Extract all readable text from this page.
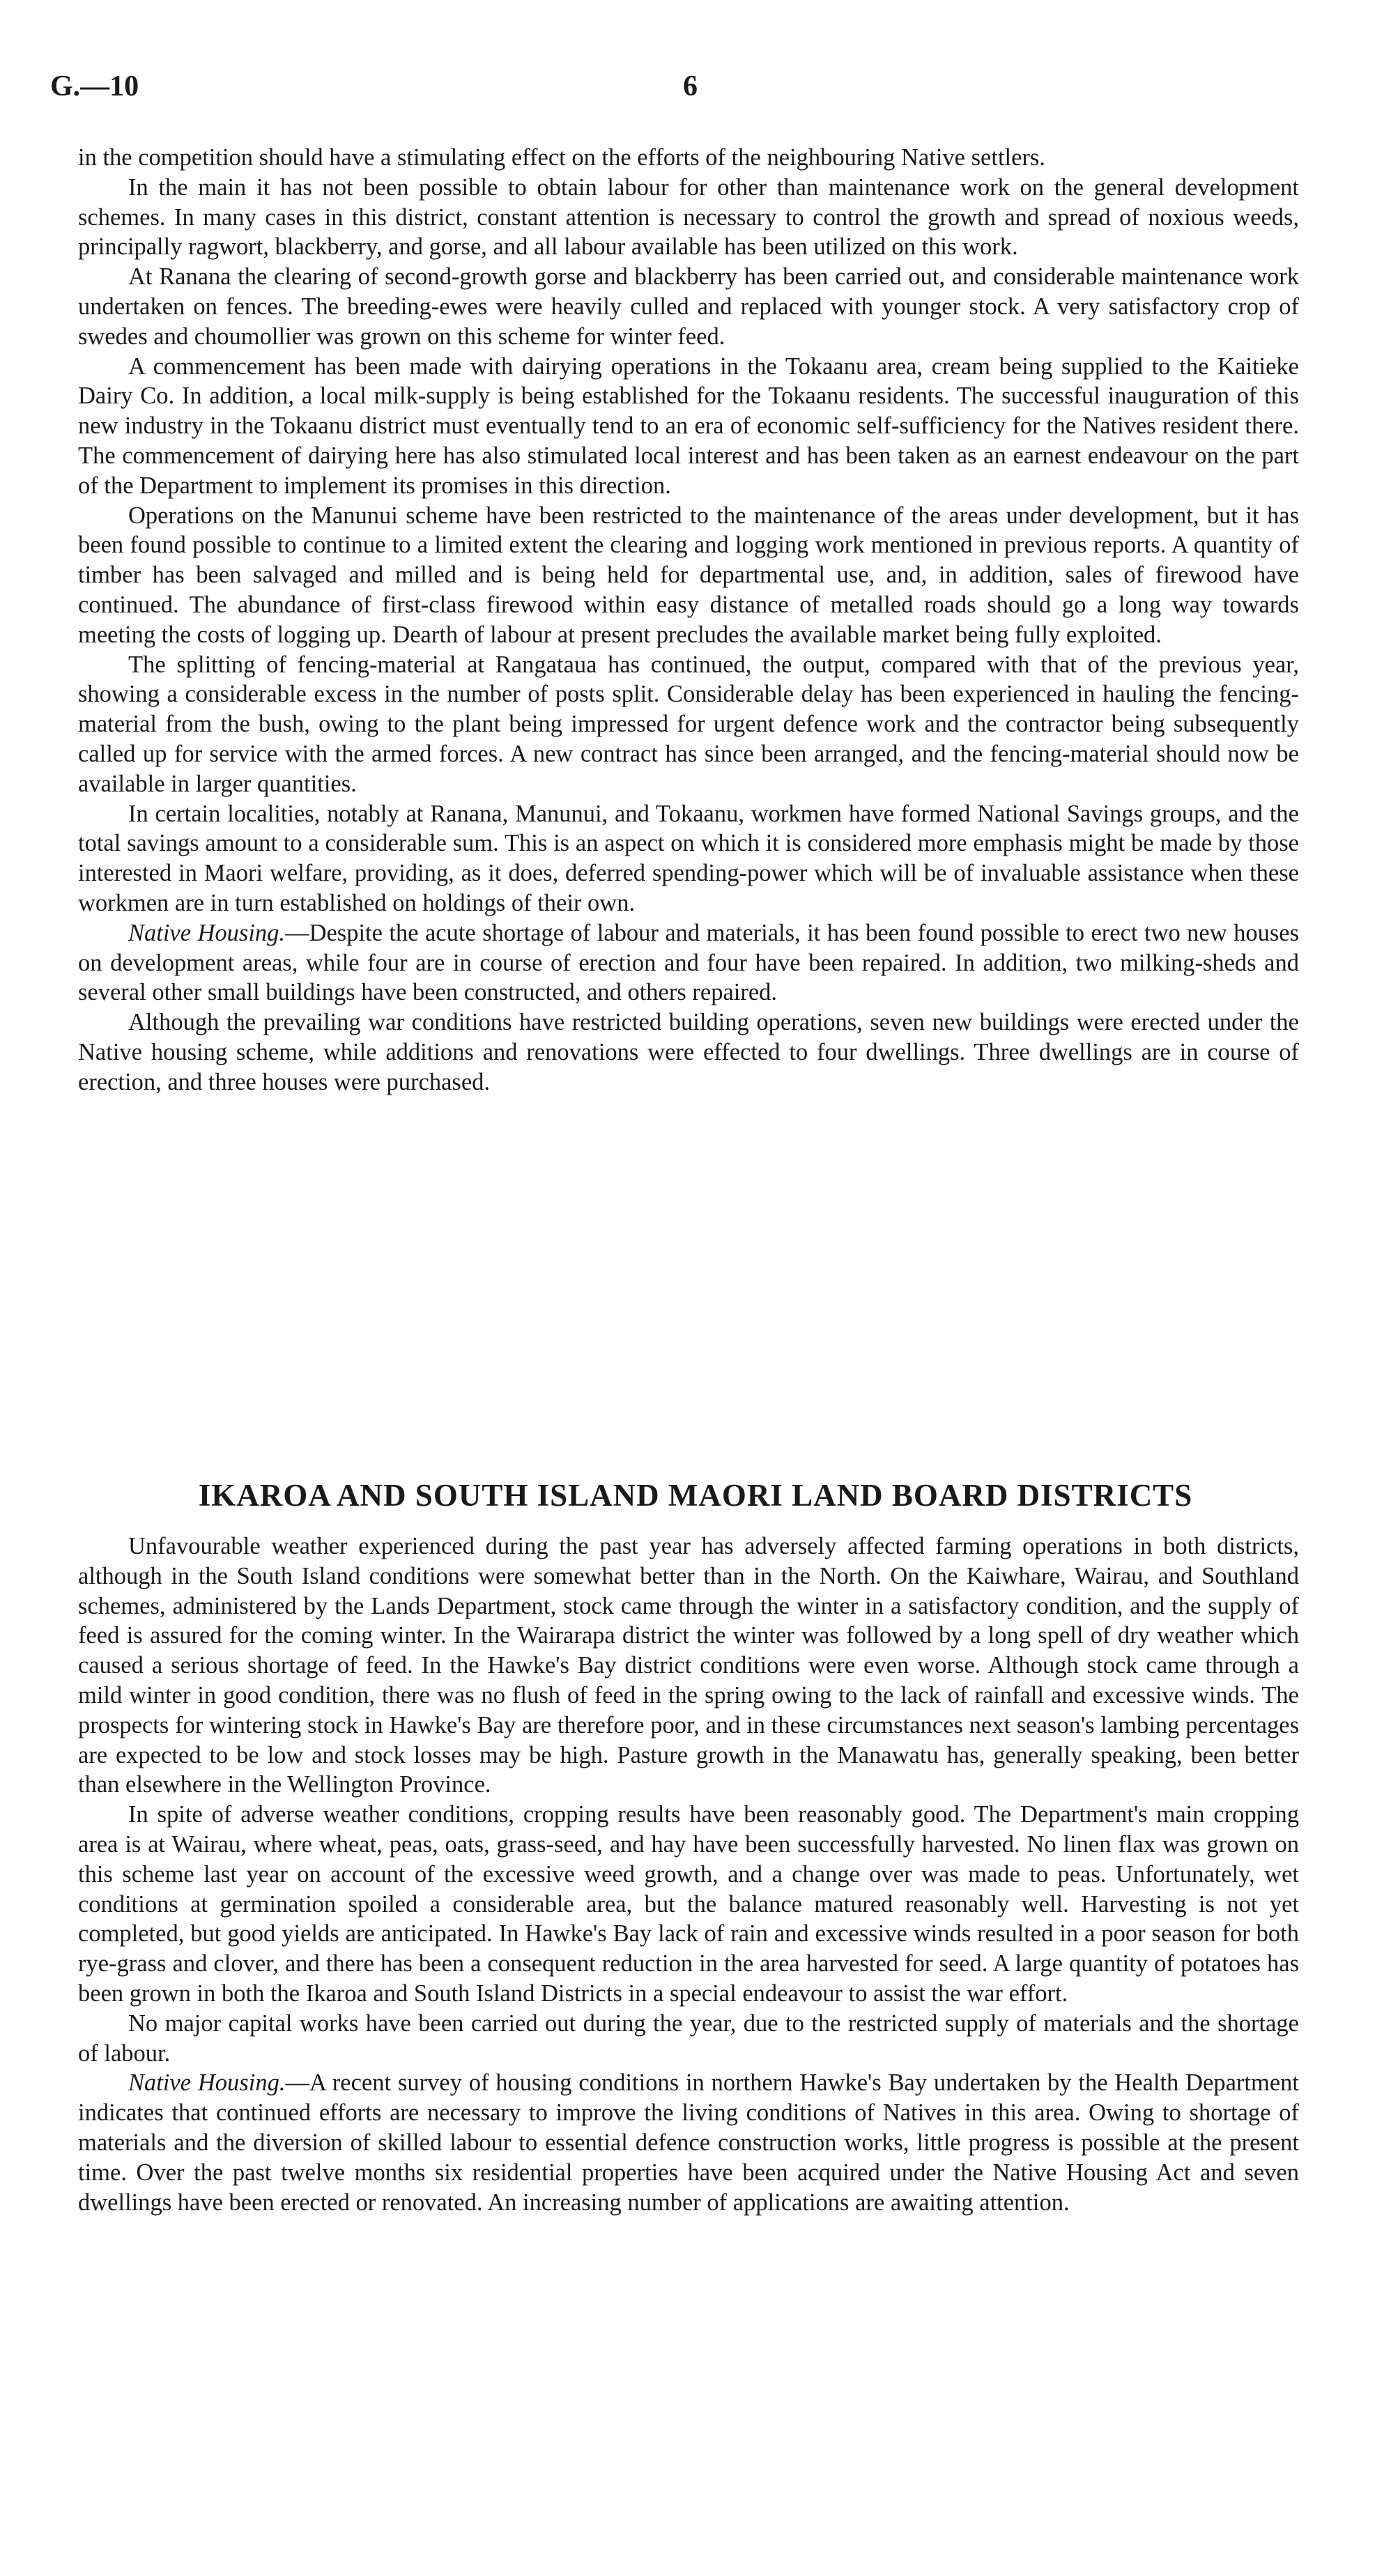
G.—10	6

in the competition should have a stimulating effect on the efforts of the neighbouring Native settlers.

In the main it has not been possible to obtain labour for other than maintenance work on the general development schemes. In many cases in this district, constant attention is necessary to control the growth and spread of noxious weeds, principally ragwort, blackberry, and gorse, and all labour available has been utilized on this work.

At Ranana the clearing of second-growth gorse and blackberry has been carried out, and considerable maintenance work undertaken on fences. The breeding-ewes were heavily culled and replaced with younger stock. A very satisfactory crop of swedes and choumollier was grown on this scheme for winter feed.

A commencement has been made with dairying operations in the Tokaanu area, cream being supplied to the Kaitieke Dairy Co. In addition, a local milk-supply is being established for the Tokaanu residents. The successful inauguration of this new industry in the Tokaanu district must eventually tend to an era of economic self-sufficiency for the Natives resident there. The commencement of dairying here has also stimulated local interest and has been taken as an earnest endeavour on the part of the Department to implement its promises in this direction.

Operations on the Manunui scheme have been restricted to the maintenance of the areas under development, but it has been found possible to continue to a limited extent the clearing and logging work mentioned in previous reports. A quantity of timber has been salvaged and milled and is being held for departmental use, and, in addition, sales of firewood have continued. The abundance of first-class firewood within easy distance of metalled roads should go a long way towards meeting the costs of logging up. Dearth of labour at present precludes the available market being fully exploited.

The splitting of fencing-material at Rangataua has continued, the output, compared with that of the previous year, showing a considerable excess in the number of posts split. Considerable delay has been experienced in hauling the fencing-material from the bush, owing to the plant being impressed for urgent defence work and the contractor being subsequently called up for service with the armed forces. A new contract has since been arranged, and the fencing-material should now be available in larger quantities.

In certain localities, notably at Ranana, Manunui, and Tokaanu, workmen have formed National Savings groups, and the total savings amount to a considerable sum. This is an aspect on which it is considered more emphasis might be made by those interested in Maori welfare, providing, as it does, deferred spending-power which will be of invaluable assistance when these workmen are in turn established on holdings of their own.

Native Housing.—Despite the acute shortage of labour and materials, it has been found possible to erect two new houses on development areas, while four are in course of erection and four have been repaired. In addition, two milking-sheds and several other small buildings have been constructed, and others repaired.

Although the prevailing war conditions have restricted building operations, seven new buildings were erected under the Native housing scheme, while additions and renovations were effected to four dwellings. Three dwellings are in course of erection, and three houses were purchased.

IKAROA AND SOUTH ISLAND MAORI LAND BOARD DISTRICTS

Unfavourable weather experienced during the past year has adversely affected farming operations in both districts, although in the South Island conditions were somewhat better than in the North. On the Kaiwhare, Wairau, and Southland schemes, administered by the Lands Department, stock came through the winter in a satisfactory condition, and the supply of feed is assured for the coming winter. In the Wairarapa district the winter was followed by a long spell of dry weather which caused a serious shortage of feed. In the Hawke's Bay district conditions were even worse. Although stock came through a mild winter in good condition, there was no flush of feed in the spring owing to the lack of rainfall and excessive winds. The prospects for wintering stock in Hawke's Bay are therefore poor, and in these circumstances next season's lambing percentages are expected to be low and stock losses may be high. Pasture growth in the Manawatu has, generally speaking, been better than elsewhere in the Wellington Province.

In spite of adverse weather conditions, cropping results have been reasonably good. The Department's main cropping area is at Wairau, where wheat, peas, oats, grass-seed, and hay have been successfully harvested. No linen flax was grown on this scheme last year on account of the excessive weed growth, and a change over was made to peas. Unfortunately, wet conditions at germination spoiled a considerable area, but the balance matured reasonably well. Harvesting is not yet completed, but good yields are anticipated. In Hawke's Bay lack of rain and excessive winds resulted in a poor season for both rye-grass and clover, and there has been a consequent reduction in the area harvested for seed. A large quantity of potatoes has been grown in both the Ikaroa and South Island Districts in a special endeavour to assist the war effort.

No major capital works have been carried out during the year, due to the restricted supply of materials and the shortage of labour.

Native Housing.—A recent survey of housing conditions in northern Hawke's Bay undertaken by the Health Department indicates that continued efforts are necessary to improve the living conditions of Natives in this area. Owing to shortage of materials and the diversion of skilled labour to essential defence construction works, little progress is possible at the present time. Over the past twelve months six residential properties have been acquired under the Native Housing Act and seven dwellings have been erected or renovated. An increasing number of applications are awaiting attention.
